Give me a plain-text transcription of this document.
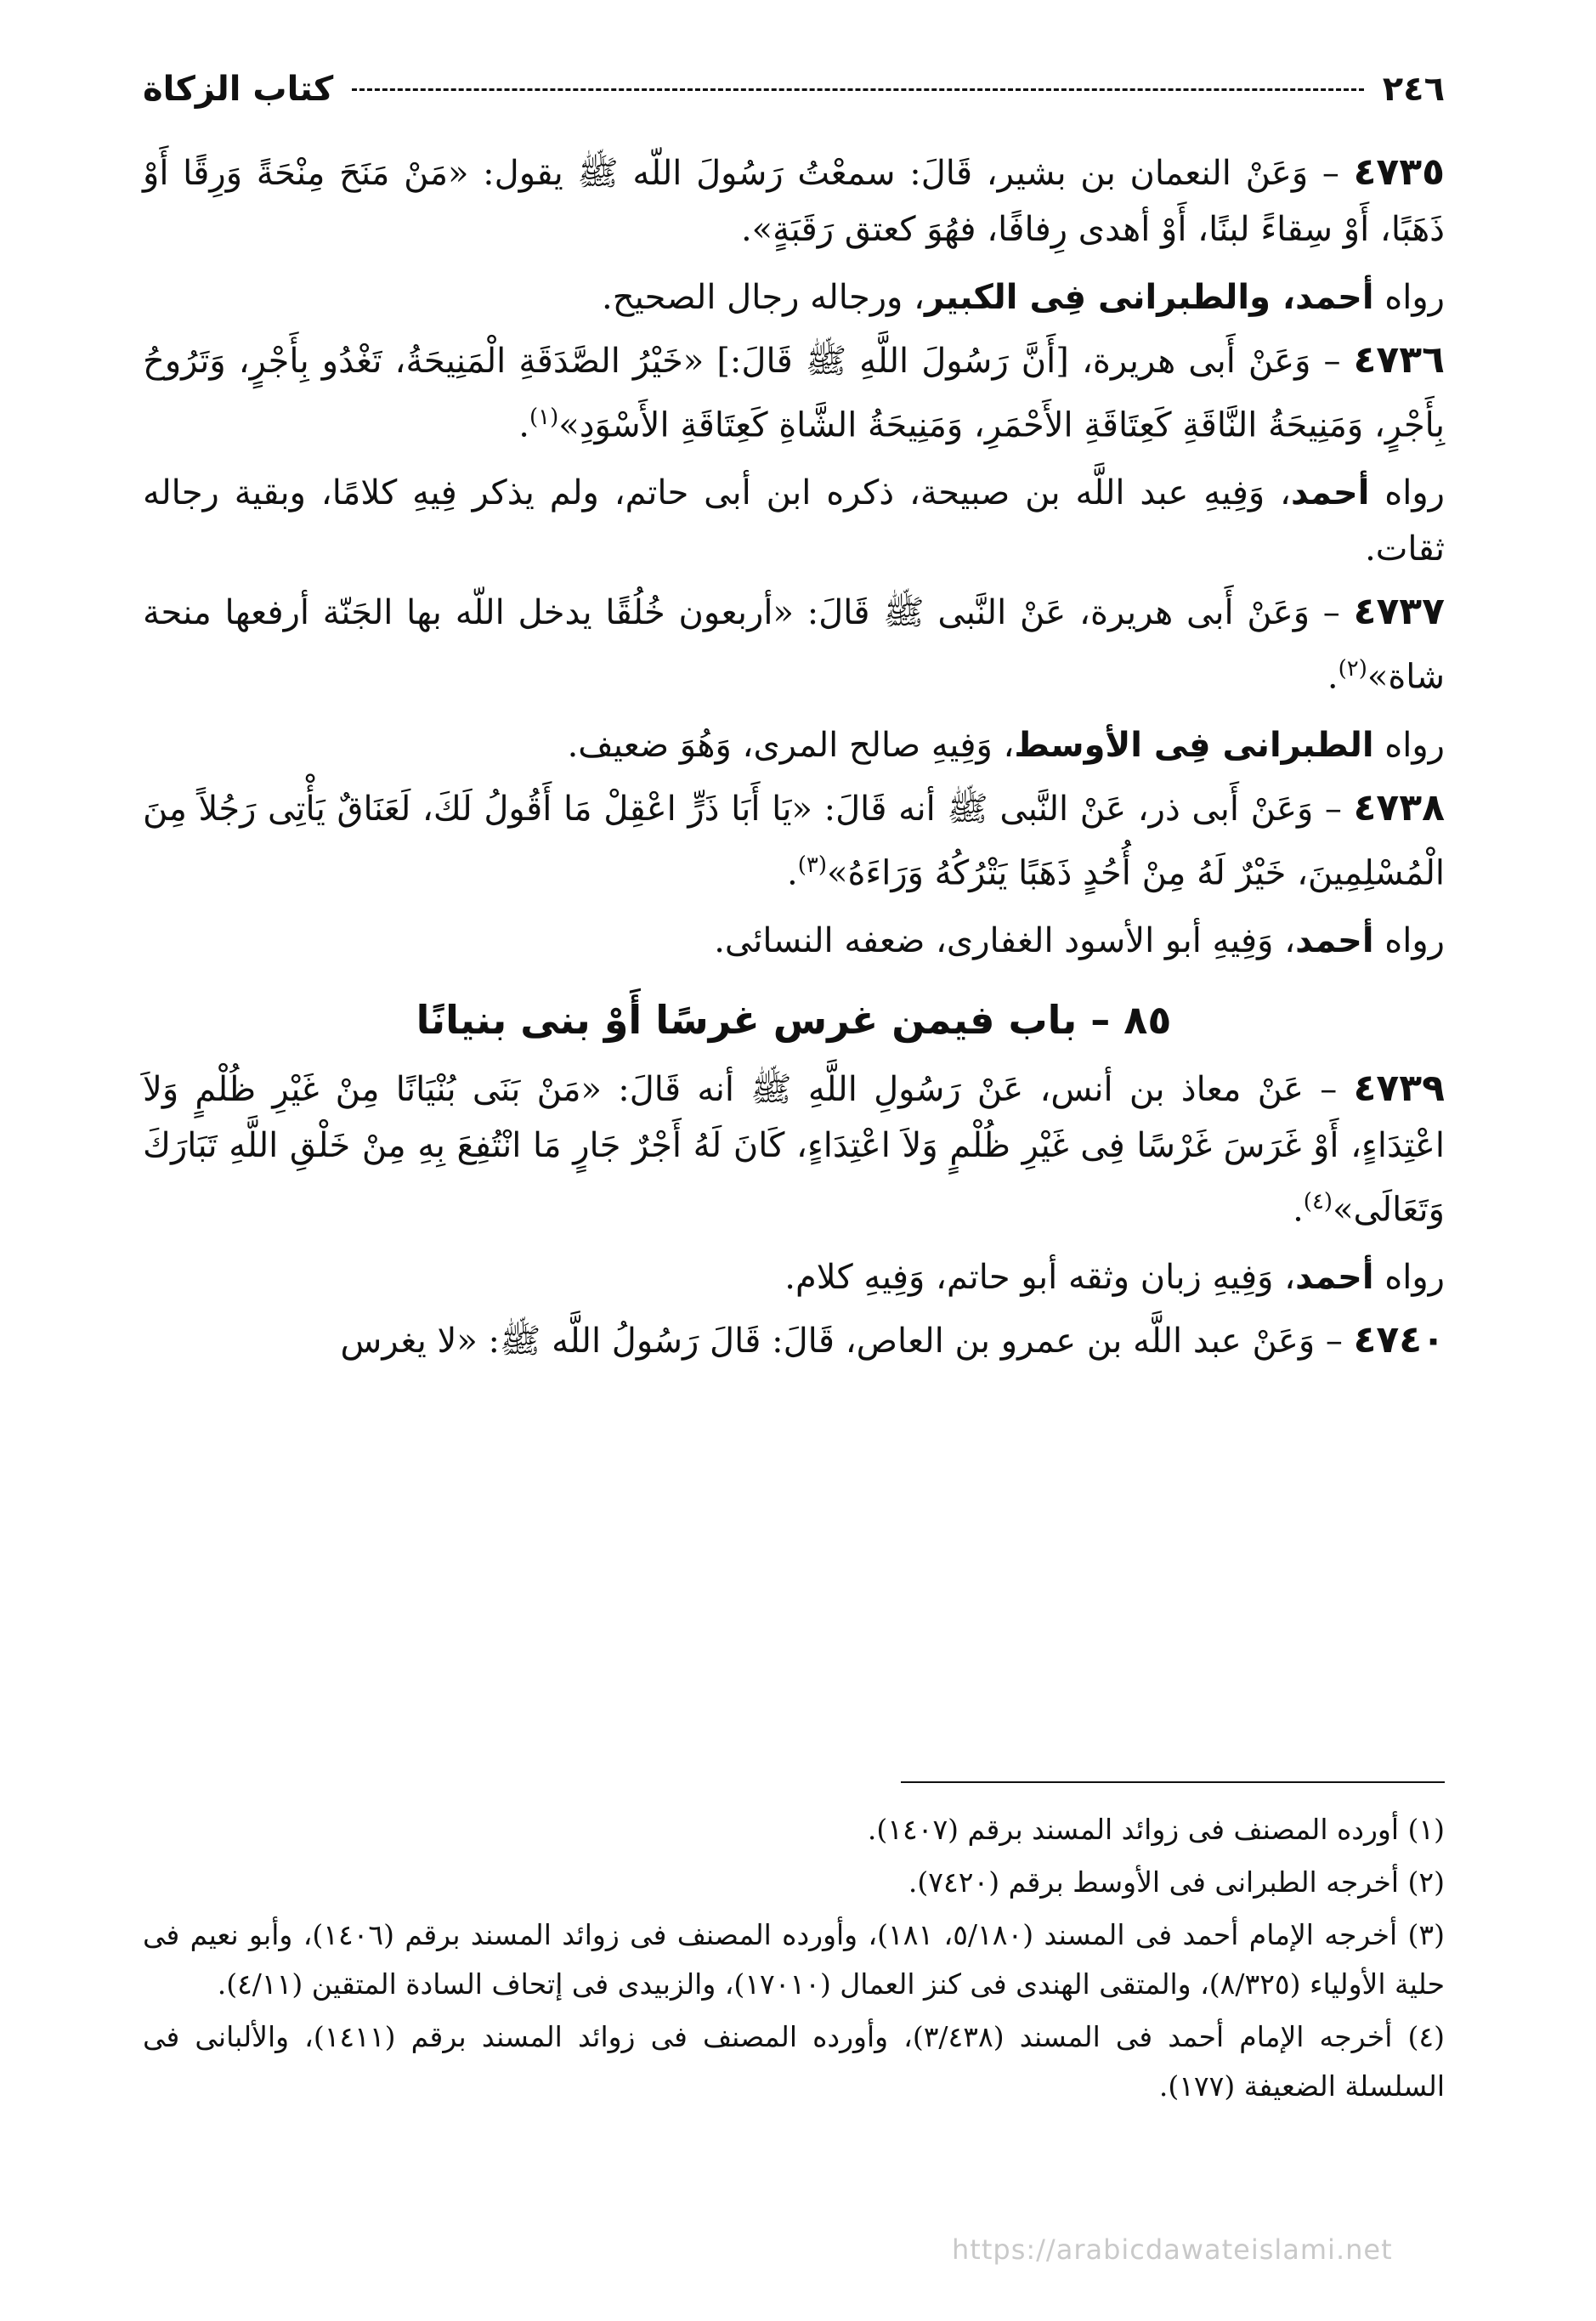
٢٤٦
كتاب الزكاة
٤٧٣٥ – وَعَنْ النعمان بن بشير، قَالَ: سمعْتُ رَسُولَ اللّه ﷺ يقول: «مَنْ مَنَحَ مِنْحَةً وَرِقًا أَوْ ذَهَبًا، أَوْ سِقاءً لبنًا، أَوْ أهدى رِفافًا، فهُوَ كعتق رَقَبَةٍ».
رواه أحمد، والطبرانى فِى الكبير، ورجاله رجال الصحيح.
٤٧٣٦ – وَعَنْ أَبى هريرة، [أَنَّ رَسُولَ اللَّهِ ﷺ قَالَ:] «خَيْرُ الصَّدَقَةِ الْمَنِيحَةُ، تَغْدُو بِأَجْرٍ، وَتَرُوحُ بِأَجْرٍ، وَمَنِيحَةُ النَّاقَةِ كَعِتَاقَةِ الأَحْمَرِ، وَمَنِيحَةُ الشَّاةِ كَعِتَاقَةِ الأَسْوَدِ»$^{(١)}$.
رواه أحمد، وَفِيهِ عبد اللَّه بن صبيحة، ذكره ابن أبى حاتم، ولم يذكر فِيهِ كلامًا، وبقية رجاله ثقات.
٤٧٣٧ – وَعَنْ أَبى هريرة، عَنْ النَّبى ﷺ قَالَ: «أربعون خُلُقًا يدخل اللّه بها الجَنّة أرفعها منحة شاة»$^{(٢)}$.
رواه الطبرانى فِى الأوسط، وَفِيهِ صالح المرى، وَهُوَ ضعيف.
٤٧٣٨ – وَعَنْ أَبى ذر، عَنْ النَّبى ﷺ أنه قَالَ: «يَا أَبَا ذَرٍّ اعْقِلْ مَا أَقُولُ لَكَ، لَعَنَاقٌ يَأْتِى رَجُلاً مِنَ الْمُسْلِمِينَ، خَيْرٌ لَهُ مِنْ أُحُدٍ ذَهَبًا يَتْرُكُهُ وَرَاءَهُ»$^{(٣)}$.
رواه أحمد، وَفِيهِ أبو الأسود الغفارى، ضعفه النسائى.
٨٥ – باب فيمن غرس غرسًا أَوْ بنى بنيانًا
٤٧٣٩ – عَنْ معاذ بن أنس، عَنْ رَسُولِ اللَّهِ ﷺ أنه قَالَ: «مَنْ بَنَى بُنْيَانًا مِنْ غَيْرِ ظُلْمٍ وَلاَ اعْتِدَاءٍ، أَوْ غَرَسَ غَرْسًا فِى غَيْرِ ظُلْمٍ وَلاَ اعْتِدَاءٍ، كَانَ لَهُ أَجْرٌ جَارٍ مَا انْتُفِعَ بِهِ مِنْ خَلْقِ اللَّهِ تَبَارَكَ وَتَعَالَى»$^{(٤)}$.
رواه أحمد، وَفِيهِ زبان وثقه أبو حاتم، وَفِيهِ كلام.
٤٧٤٠ – وَعَنْ عبد اللَّه بن عمرو بن العاص، قَالَ: قَالَ رَسُولُ اللَّه ﷺ: «لا يغرس

(١) أورده المصنف فى زوائد المسند برقم (١٤٠٧).

(٢) أخرجه الطبرانى فى الأوسط برقم (٧٤٢٠).

(٣) أخرجه الإمام أحمد فى المسند (٥/١٨٠، ١٨١)، وأورده المصنف فى زوائد المسند برقم (١٤٠٦)، وأبو نعيم فى حلية الأولياء (٨/٣٢٥)، والمتقى الهندى فى كنز العمال (١٧٠١٠)، والزبيدى فى إتحاف السادة المتقين (٤/١١).

(٤) أخرجه الإمام أحمد فى المسند (٣/٤٣٨)، وأورده المصنف فى زوائد المسند برقم (١٤١١)، والألبانى فى السلسلة الضعيفة (١٧٧).

https://arabicdawateislami.net
